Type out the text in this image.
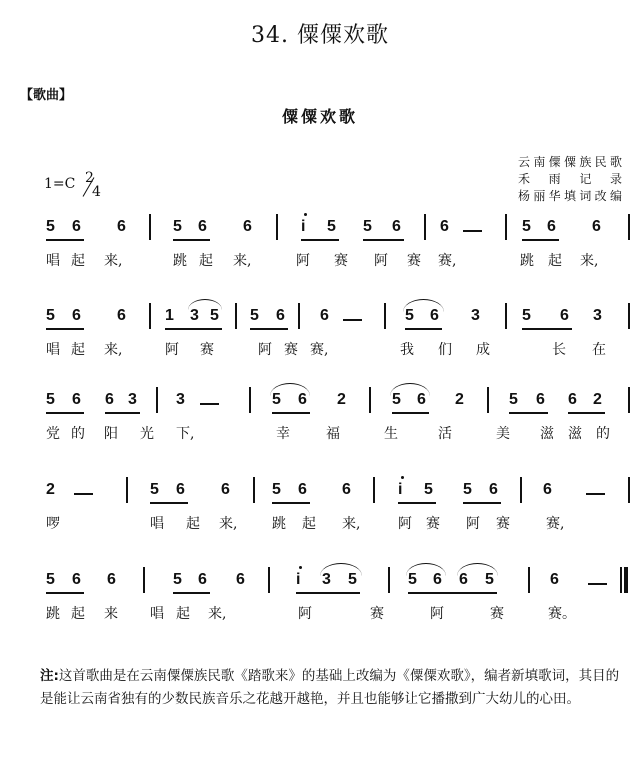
34. 僳僳欢歌
【歌曲】
僳僳欢歌
1=C 2
4
云南僳僳族民歌
禾 雨 记 录
杨丽华填词改编
5 6 6	5 6 6	i 5 5 6 6	5 6 6
唱 起 来,	跳 起 来,	阿 赛 阿 赛 赛,	跳 起 来,
5 6 6 1 3 5 5 6 6	5 6 3	5 6 3
唱 起 来,	阿 赛	阿 赛 赛,	我 们 成	长 在
5 6 6 3 3	5 6 2	5 6 2	5 6 6 2
党 的 阳 光 下,	幸	福	生	活	美 滋 滋 的
2	5 6 6	5 6 6	i 5 5 6	6
啰	唱 起 来, 跳 起 来,	阿 赛 阿 赛	赛,
5 6 6	5 6 6	i 3 5	5 6 6 5	6
跳 起 来 唱 起 来,	阿	赛	阿	赛	赛。
注:这首歌曲是在云南僳僳族民歌《踏歌来》的基础上改编为《僳僳欢歌》，编者新填歌词，其目的是能让云南省独有的少数民族音乐之花越开越艳，并且也能够让它播撒到广大幼儿的心田。
